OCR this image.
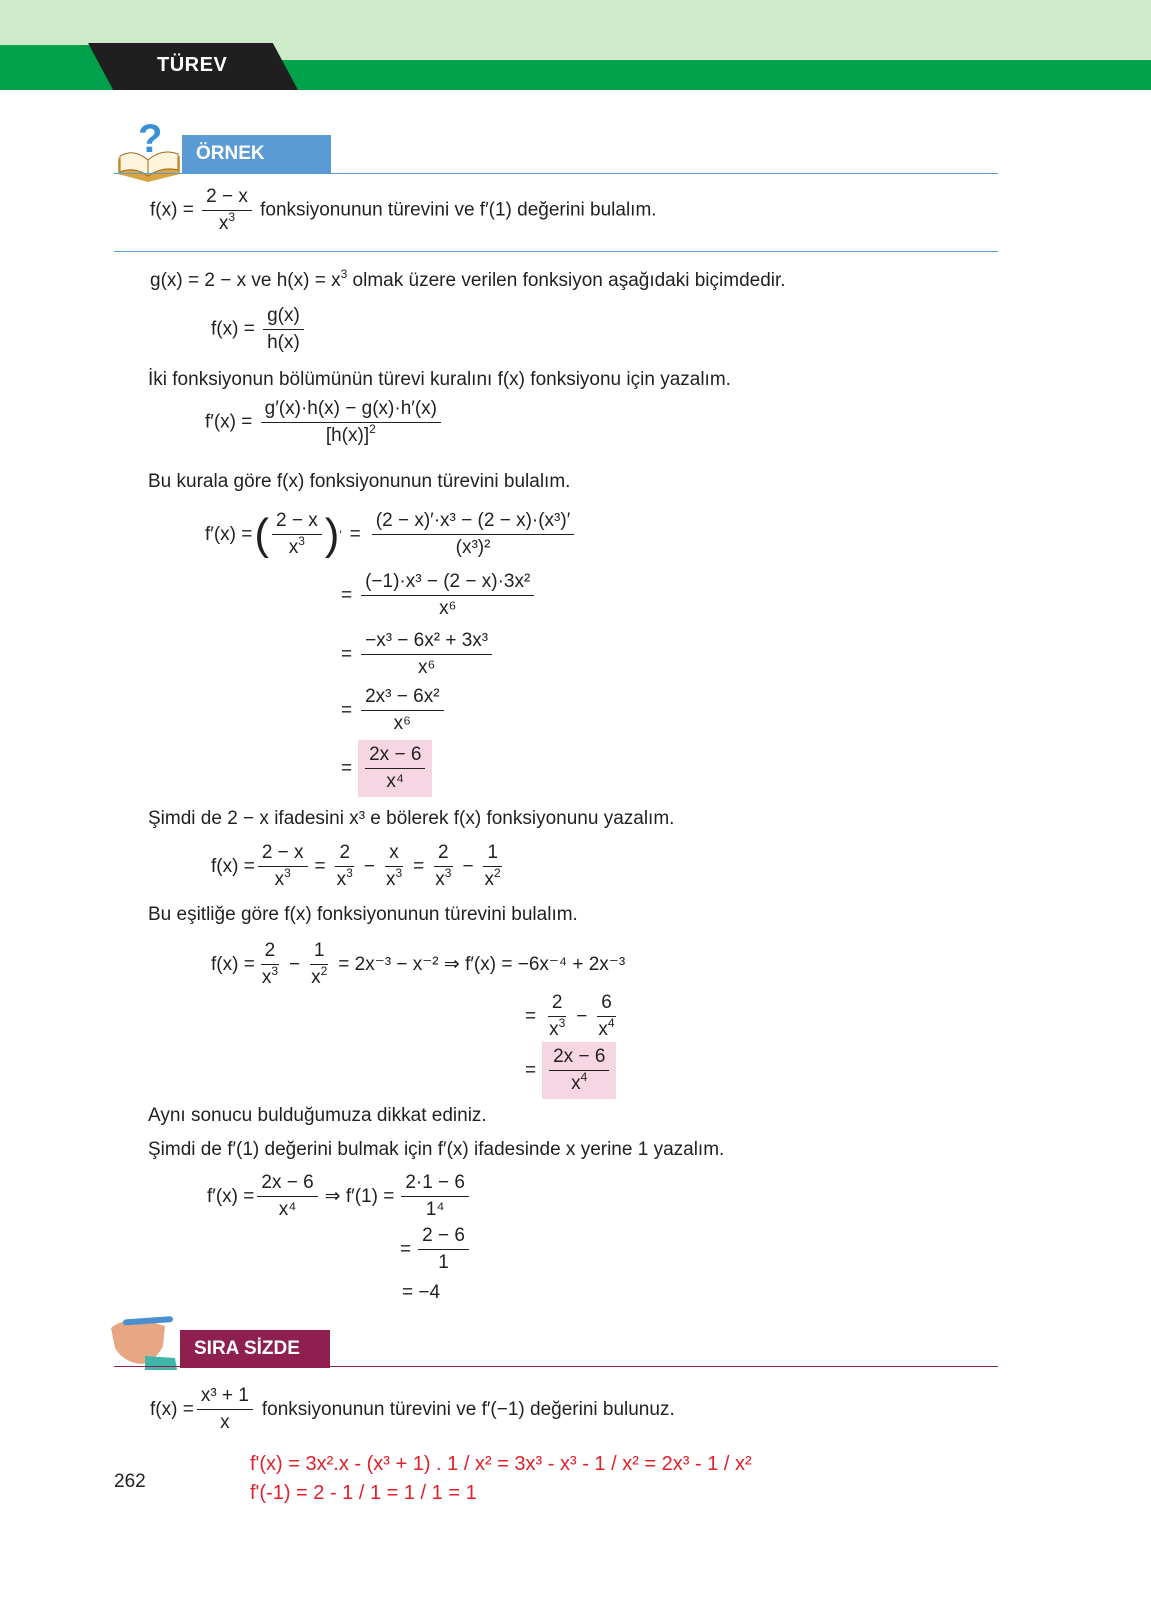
TÜREV
?	ÖRNEK
$f(x) = \frac{2 - x}{x^3}$ fonksiyonunun türevini ve f′(1) değerini bulalım.
g(x) = 2 − x ve $h(x) = x^3$ olmak üzere verilen fonksiyon aşağıdaki biçimdedir.
$f(x) = \frac{g(x)}{h(x)}$
İki fonksiyonun bölümünün türevi kuralını f(x) fonksiyonu için yazalım.
$f'(x) = \frac{g'(x)\cdot h(x) - g(x)\cdot h'(x)}{[h(x)]^2}$
Bu kurala göre f(x) fonksiyonunun türevini bulalım.
f′(x) = ( $\frac{2 - x}{x^3}$ ) ′ = $\frac{\text{(2 − x)′·x³ − (2 − x)·(x³)′}}{\text{(x³)²}}$
= $\frac{\text{(−1)·x³ − (2 − x)·3x²}}{\text{x⁶}}$
= $\frac{\text{−x³ − 6x² + 3x³}}{\text{x⁶}}$
= $\frac{\text{2x³ − 6x²}}{\text{x⁶}}$
= $\frac{2x - 6}{\text{x⁴}}$
Şimdi de 2 − x ifadesini x³ e bölerek f(x) fonksiyonunu yazalım.
$f(x) = \frac{2 - x}{x^3} = \frac{2}{x^3} - \frac{x}{x^3} = \frac{2}{x^3} - \frac{1}{x^2}$
Bu eşitliğe göre f(x) fonksiyonunun türevini bulalım.
$f(x) = \frac{2}{x^3} - \frac{1}{x^2} = 2x^{-3} - x^{-2}$ ⇒ f′(x) = −6x⁻⁴ + 2x⁻³
= $\frac{2}{x^3} - \frac{6}{x^4}$
= $\frac{2x - 6}{x^4}$
Aynı sonucu bulduğumuza dikkat ediniz.
Şimdi de f′(1) değerini bulmak için f′(x) ifadesinde x yerine 1 yazalım.
$f'(x) = \frac{2x - 6}{\text{x⁴}}$ ⇒ $f'(1) = \frac{2\cdot 1 - 6}{\text{1⁴}}$
= $\frac{2 - 6}{1}$
= −4
SIRA SİZDE
$f(x) = \frac{\text{x³ + 1}}{x}$ fonksiyonunun türevini ve f′(−1) değerini bulunuz.
f'(x) = 3x².x - (x³ + 1) . 1 / x² = 3x³ - x³ - 1 / x² = 2x³ - 1 / x²
f'(-1) = 2 - 1 / 1 = 1 / 1 = 1
262
